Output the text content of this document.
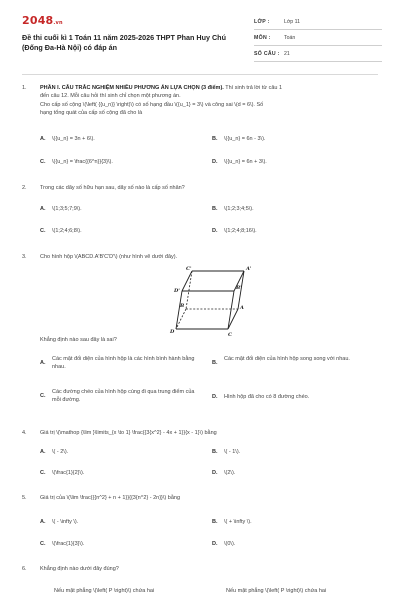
2048.vn
Đề thi cuối kì 1 Toán 11 năm 2025-2026 THPT Phan Huy Chú (Đống Đa-Hà Nội) có đáp án
LỚP :	Lớp 11
MÔN :	Toán
SỐ CÂU : 21
1.	PHẦN I. CÂU TRẮC NGHIỆM NHIỀU PHƯƠNG ÁN LỰA CHỌN (3 điểm). Thí sinh trả lời từ câu 1
đến câu 12. Mỗi câu hỏi thí sinh chỉ chọn một phương án.
Cho cấp số cộng \(\left( {{u_n}} \right)\) có số hạng đầu \({u_1} = 3\) và công sai \(d = 6\). Số
hạng tổng quát của cấp số cộng đã cho là
A. \({u_n} = 3n + 6\).	B. \({u_n} = 6n - 3\).
C. \({u_n} = \frac{{6^n}}{3}\).	D. \({u_n} = 6n + 3\).
2.	Trong các dãy số hữu hạn sau, dãy số nào là cấp số nhân?
A. \(1;3;5;7;9\).	B. \(1;2;3;4;5\).
C. \(1;2;4;6;8\).	D. \(1;2;4;8;16\).
3.	Cho hình hộp \(ABCD.A'B'C'D'\) (như hình vẽ dưới đây).
A'
B'
C'
D'
A
C
B
D
Khẳng định nào sau đây là sai?
A.
Các mặt đối diện của hình hộp là các hình bình hành bằng nhau.
B.
Các mặt đối diện của hình hộp song song với nhau.
C.
Các đường chéo của hình hộp cùng đi qua trung điểm của mỗi đường.
D.	Hình hộp đã cho có 8 đường chéo.
4.	Giá trị \(\mathop {\lim }\limits_{x \to 1} \frac{{3{x^2} - 4x + 1}}{x - 1}\) bằng
A. \( - 2\).	B. \( - 1\).
C. \(\frac{1}{2}\).	D. \(2\).
5.	Giá trị của \(\lim \frac{{{n^2} + n + 1}}{{3{n^2} - 2n}}\) bằng
A. \( - \infty \).	B. \( + \infty \).
C. \(\frac{1}{3}\).	D. \(0\).
6.	Khẳng định nào dưới đây đúng?
Nếu mặt phẳng \(\left( P \right)\) chứa hai	Nếu mặt phẳng \(\left( P \right)\) chứa hai
